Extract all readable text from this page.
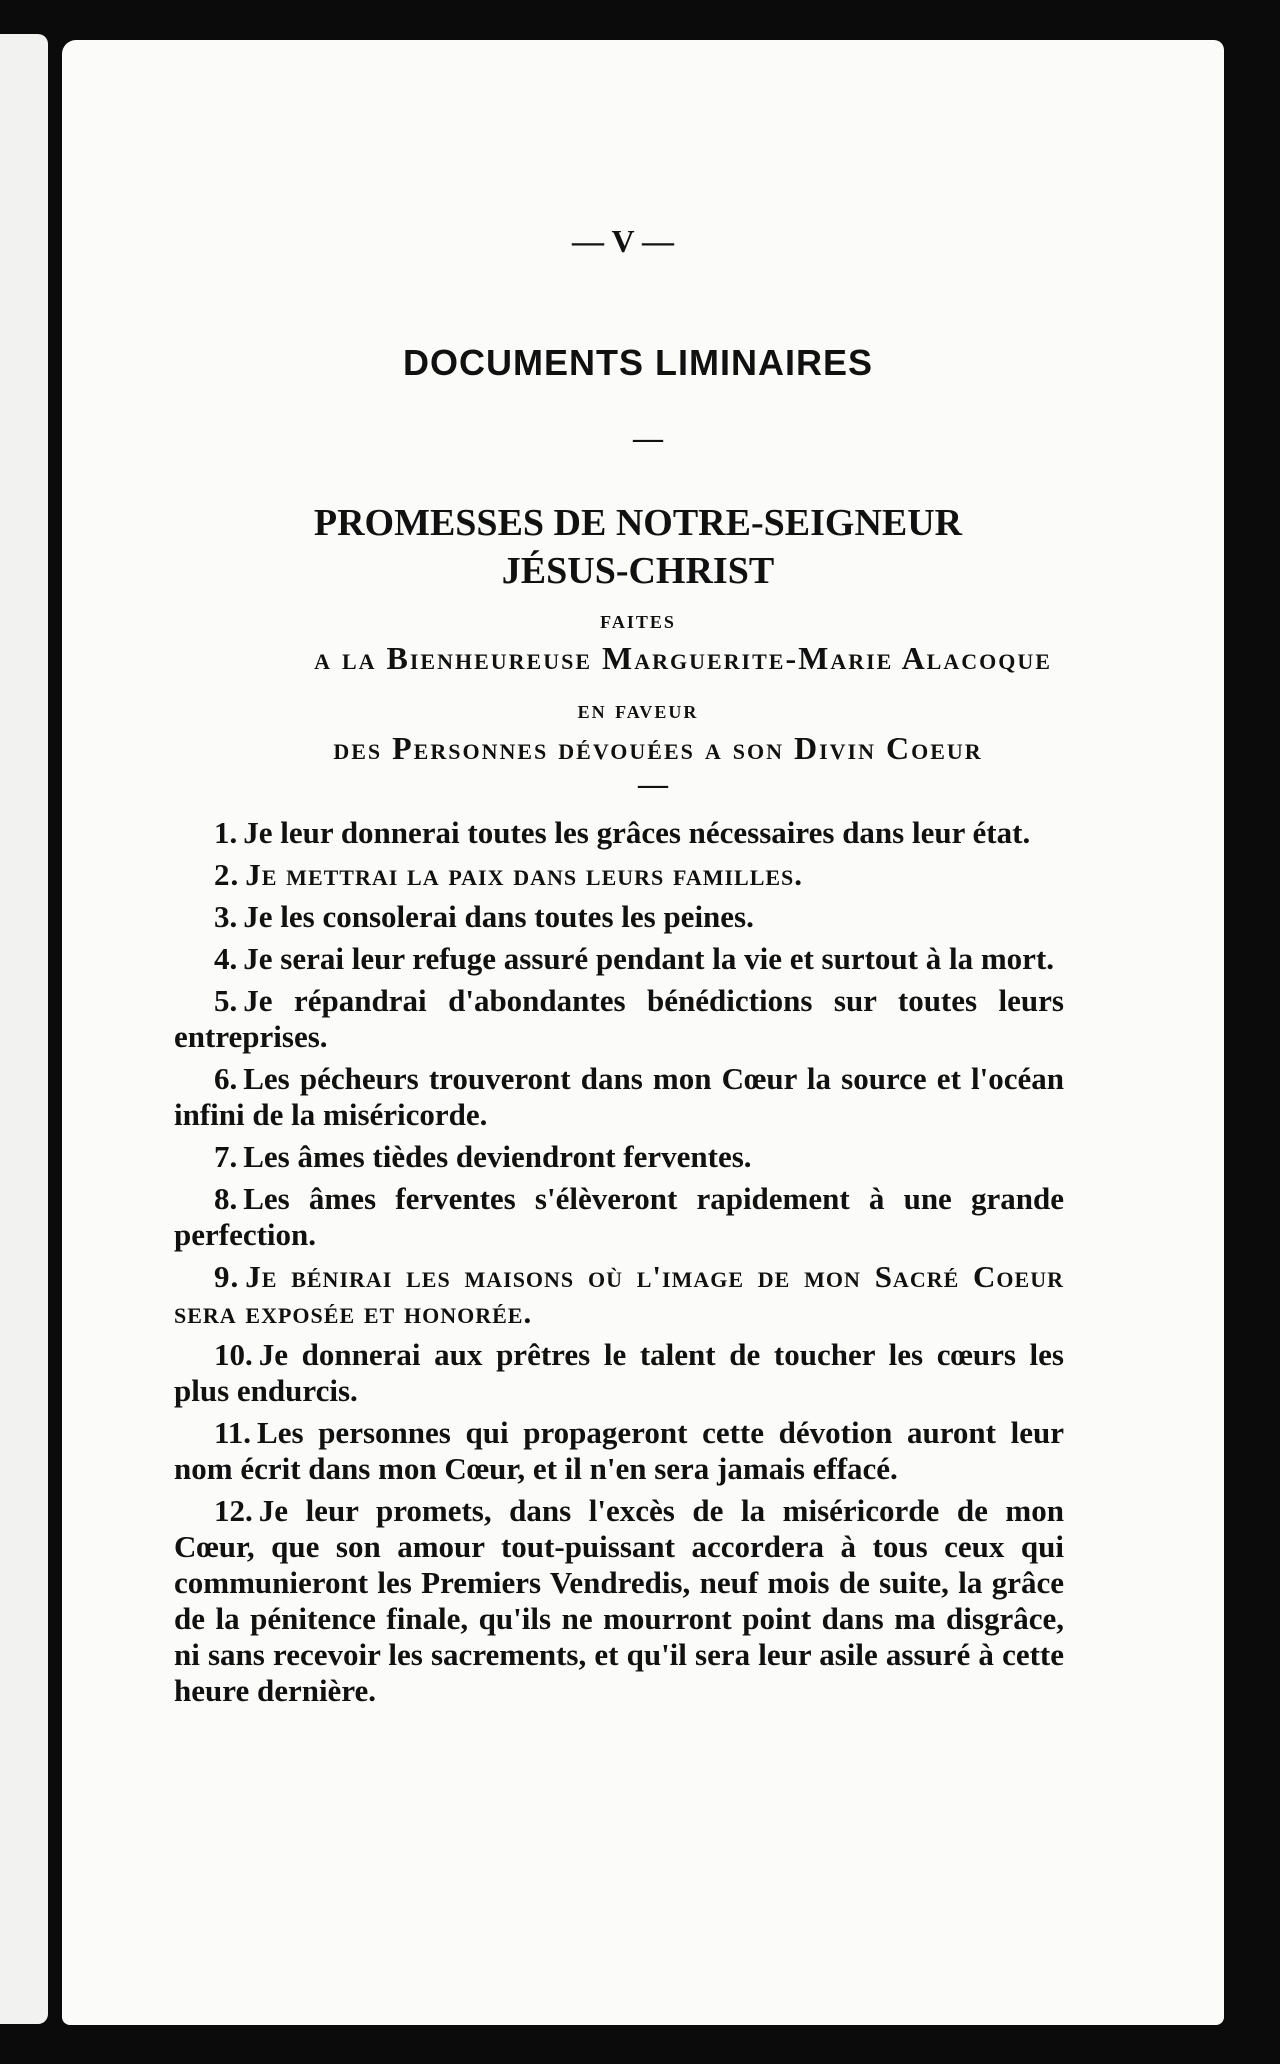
— V —
DOCUMENTS LIMINAIRES
—
PROMESSES DE NOTRE-SEIGNEUR
JÉSUS-CHRIST
faites
a la Bienheureuse Marguerite-Marie Alacoque
en faveur
des Personnes dévouées a son Divin Coeur
—

1. Je leur donnerai toutes les grâces nécessaires dans leur état.

2. Je mettrai la paix dans leurs familles.

3. Je les consolerai dans toutes les peines.

4. Je serai leur refuge assuré pendant la vie et surtout à la mort.

5. Je répandrai d'abondantes bénédictions sur toutes leurs entreprises.

6. Les pécheurs trouveront dans mon Cœur la source et l'océan infini de la miséricorde.

7. Les âmes tièdes deviendront ferventes.

8. Les âmes ferventes s'élèveront rapidement à une grande perfection.

9. Je bénirai les maisons où l'image de mon Sacré Coeur sera exposée et honorée.

10. Je donnerai aux prêtres le talent de toucher les cœurs les plus endurcis.

11. Les personnes qui propageront cette dévotion auront leur nom écrit dans mon Cœur, et il n'en sera jamais effacé.

12. Je leur promets, dans l'excès de la miséricorde de mon Cœur, que son amour tout-puissant accordera à tous ceux qui communieront les Premiers Vendredis, neuf mois de suite, la grâce de la pénitence finale, qu'ils ne mourront point dans ma disgrâce, ni sans recevoir les sacrements, et qu'il sera leur asile assuré à cette heure dernière.
